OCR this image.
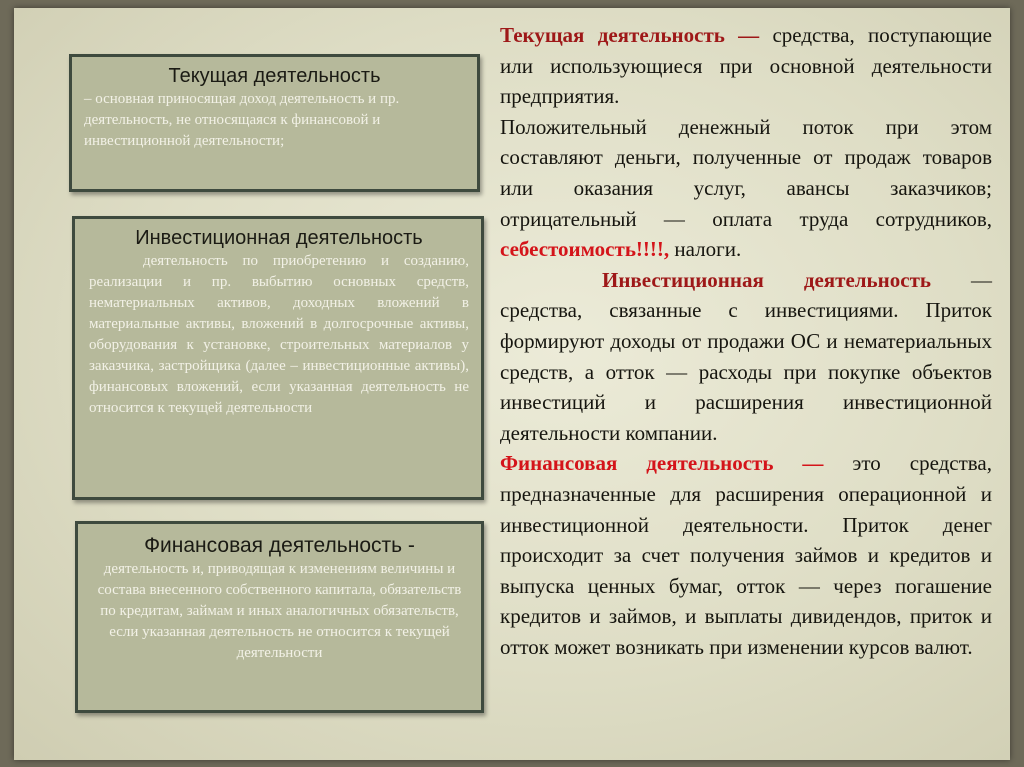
Текущая деятельность
– основная приносящая доход деятельность и пр. деятельность, не относящаяся к финансовой и инвестиционной деятельности;
Инвестиционная деятельность
деятельность по приобретению и созданию, реализации и пр. выбытию основных средств, нематериальных активов, доходных вложений в материальные активы, вложений в долгосрочные активы, оборудования к установке, строительных материалов у заказчика, застройщика (далее – инвестиционные активы), финансовых вложений, если указанная деятельность не относится к текущей деятельности
Финансовая деятельность -
деятельность и, приводящая к изменениям величины и состава внесенного собственного капитала, обязательств по кредитам, займам и иных аналогичных обязательств, если указанная деятельность не относится к текущей деятельности

Текущая деятельность — средства, поступающие или использующиеся при основной деятельности предприятия.

Положительный денежный поток при этом составляют деньги, полученные от продаж товаров или оказания услуг, авансы заказчиков; отрицательный — оплата труда сотрудников, себестоимость!!!!, налоги.

Инвестиционная деятельность — средства, связанные с инвестициями. Приток формируют доходы от продажи ОС и нематериальных средств, а отток — расходы при покупке объектов инвестиций и расширения инвестиционной деятельности компании.

Финансовая деятельность — это средства, предназначенные для расширения операционной и инвестиционной деятельности. Приток денег происходит за счет получения займов и кредитов и выпуска ценных бумаг, отток — через погашение кредитов и займов, и выплаты дивидендов, приток и отток может возникать при изменении курсов валют.
